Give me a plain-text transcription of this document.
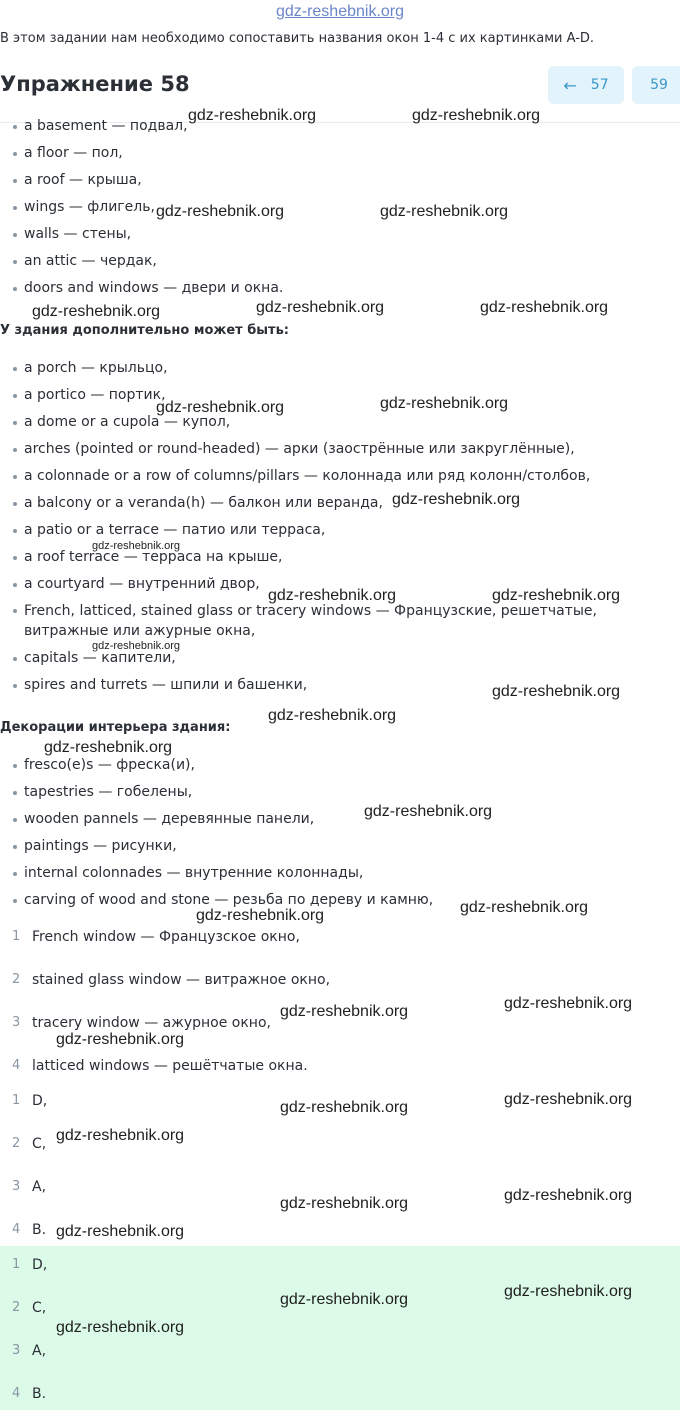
gdz-reshebnik.org
В этом задании нам необходимо сопоставить названия окон 1-4 с их картинками A-D.
Упражнение 58	← 57	59
a basement — подвал,
a floor — пол,
a roof — крыша,
wings — флигель,
walls — стены,
an attic — чердак,
doors and windows — двери и окна.
У здания дополнительно может быть:
a porch — крыльцо,
a portico — портик,
a dome or a cupola — купол,
arches (pointed or round-headed) — арки (заострённые или закруглённые),
a colonnade or a row of columns/pillars — колоннада или ряд колонн/столбов,
a balcony or a veranda(h) — балкон или веранда,
a patio or a terrace — патио или терраса,
a roof terrace — терраса на крыше,
a courtyard — внутренний двор,
French, latticed, stained glass or tracery windows — Французские, решетчатые,
витражные или ажурные окна,
capitals — капители,
spires and turrets — шпили и башенки,
Декорации интерьера здания:
fresco(e)s — фреска(и),
tapestries — гобелены,
wooden pannels — деревянные панели,
paintings — рисунки,
internal colonnades — внутренние колоннады,
carving of wood and stone — резьба по дереву и камню,
1 French window — Французское окно,
2 stained glass window — витражное окно,
3 tracery window — ажурное окно,
4 latticed windows — решётчатые окна.
1 D,
2 C,
3 A,
4 B.
1 D,
2 C,
3 A,
4 B.
gdz-reshebnik.org	gdz-reshebnik.org
gdz-reshebnik.org	gdz-reshebnik.org
gdz-reshebnik.org	gdz-reshebnik.org	gdz-reshebnik.org
gdz-reshebnik.org	gdz-reshebnik.org
gdz-reshebnik.org
gdz-reshebnik.org
gdz-reshebnik.org	gdz-reshebnik.org
gdz-reshebnik.org
gdz-reshebnik.org
gdz-reshebnik.org
gdz-reshebnik.org
gdz-reshebnik.org
gdz-reshebnik.org	gdz-reshebnik.org
gdz-reshebnik.org	gdz-reshebnik.org
gdz-reshebnik.org
gdz-reshebnik.org	gdz-reshebnik.org
gdz-reshebnik.org
gdz-reshebnik.org	gdz-reshebnik.org
gdz-reshebnik.org
gdz-reshebnik.org	gdz-reshebnik.org
gdz-reshebnik.org
